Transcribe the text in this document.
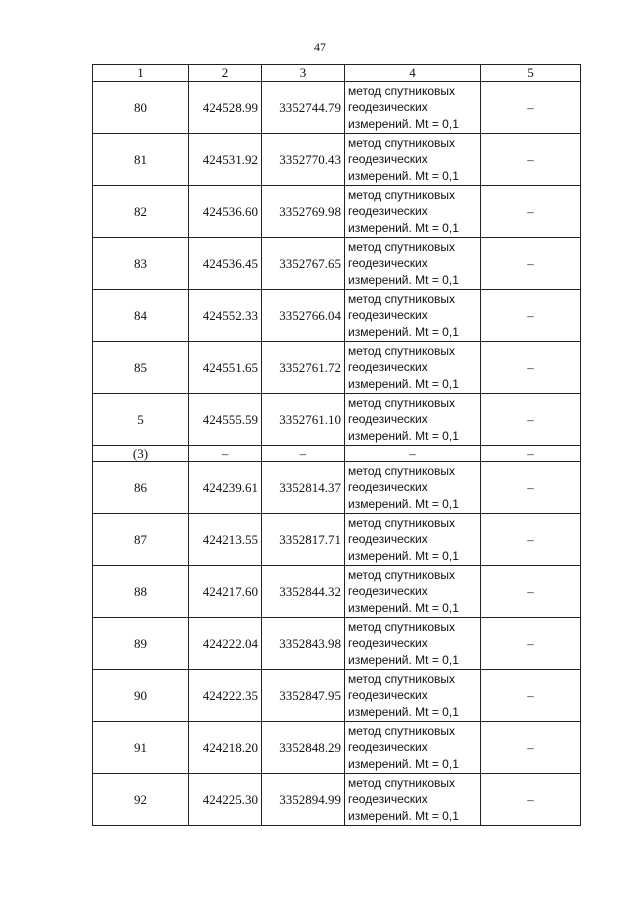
47
1	2	3	4	5
80	424528.99	3352744.79	метод спутниковых
геодезических
измерений. Mt = 0,1	–
81	424531.92	3352770.43	метод спутниковых
геодезических
измерений. Mt = 0,1	–
82	424536.60	3352769.98	метод спутниковых
геодезических
измерений. Mt = 0,1	–
83	424536.45	3352767.65	метод спутниковых
геодезических
измерений. Mt = 0,1	–
84	424552.33	3352766.04	метод спутниковых
геодезических
измерений. Mt = 0,1	–
85	424551.65	3352761.72	метод спутниковых
геодезических
измерений. Mt = 0,1	–
5	424555.59	3352761.10	метод спутниковых
геодезических
измерений. Mt = 0,1	–
(3)	–	–	–	–
86	424239.61	3352814.37	метод спутниковых
геодезических
измерений. Mt = 0,1	–
87	424213.55	3352817.71	метод спутниковых
геодезических
измерений. Mt = 0,1	–
88	424217.60	3352844.32	метод спутниковых
геодезических
измерений. Mt = 0,1	–
89	424222.04	3352843.98	метод спутниковых
геодезических
измерений. Mt = 0,1	–
90	424222.35	3352847.95	метод спутниковых
геодезических
измерений. Mt = 0,1	–
91	424218.20	3352848.29	метод спутниковых
геодезических
измерений. Mt = 0,1	–
92	424225.30	3352894.99	метод спутниковых
геодезических
измерений. Mt = 0,1	–
